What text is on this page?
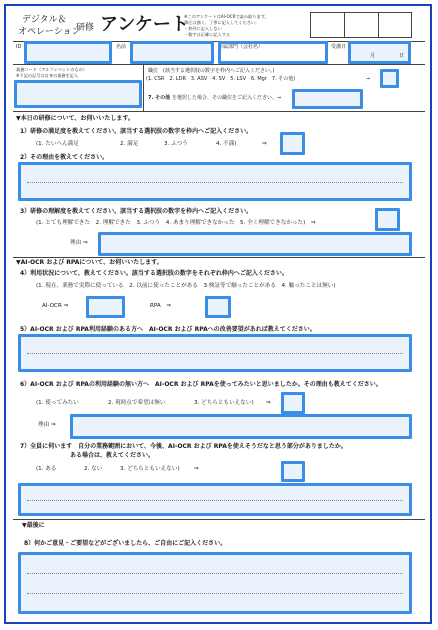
デジタル＆
オペレーション
研修 アンケート
※このアンケートはAI-OCRで読み取ります。
筆圧は強く、丁寧に記入してください。
・枠外に記入しない
・数字は正確に記入する
ID	名前	所属部門（会社名）	受講日
月	日
業務コード（アルファベットのもの）
※下記の記号は自身の業務を記入
職位　(該当する選択肢の数字を枠内へご記入ください。)
(1. CSR　2. LDR　3. ASV　4. SV　5. LSV　6. Mgr　7. その他)	⇒
7. その他 を選択した場合、その職位をご記入ください。⇒
▼本日の研修について、お伺いいたします。
1）研修の満足度を教えてください。該当する選択肢の数字を枠内へご記入ください。
(1. たいへん満足	2. 満足	3. ふつう	4. 不満)	⇒
2）その理由を教えてください。
3）研修の理解度を教えてください。該当する選択肢の数字を枠内へご記入ください。
(1. とても理解できた　2. 理解できた　3. ふつう　4. あまり理解できなかった　5. 全く理解できなかった)　⇒
理由 ⇒
▼AI-OCR および RPAについて、お伺いいたします。
4）利用状況について、教えてください。該当する選択肢の数字をそれぞれ枠内へご記入ください。
(1. 現在、業務で実際に使っている　2. 以前に使ったことがある　3.検証等で触ったことがある　4. 触ったことは無い)
AI-OCR ⇒	RPA　⇒
5）AI-OCR および RPA利用経験のある方へ　AI-OCR および RPAへの改善要望があれば教えてください。
6）AI-OCR および RPAの利用経験の無い方へ　AI-OCR および RPAを使ってみたいと思いましたか。その理由も教えてください。
(1. 使ってみたい	2. 現時点で希望は無い	3. どちらともいえない) ⇒
理由 ⇒
7）全員に伺います　自分の業務範囲において、今後、AI-OCR および RPAを使えそうだなと思う部分がありましたか。
ある場合は、教えてください。
(1. ある	2. ない	3. どちらともいえない)	⇒
▼最後に
8）何かご意見・ご要望などがございましたら、ご自由にご記入ください。
